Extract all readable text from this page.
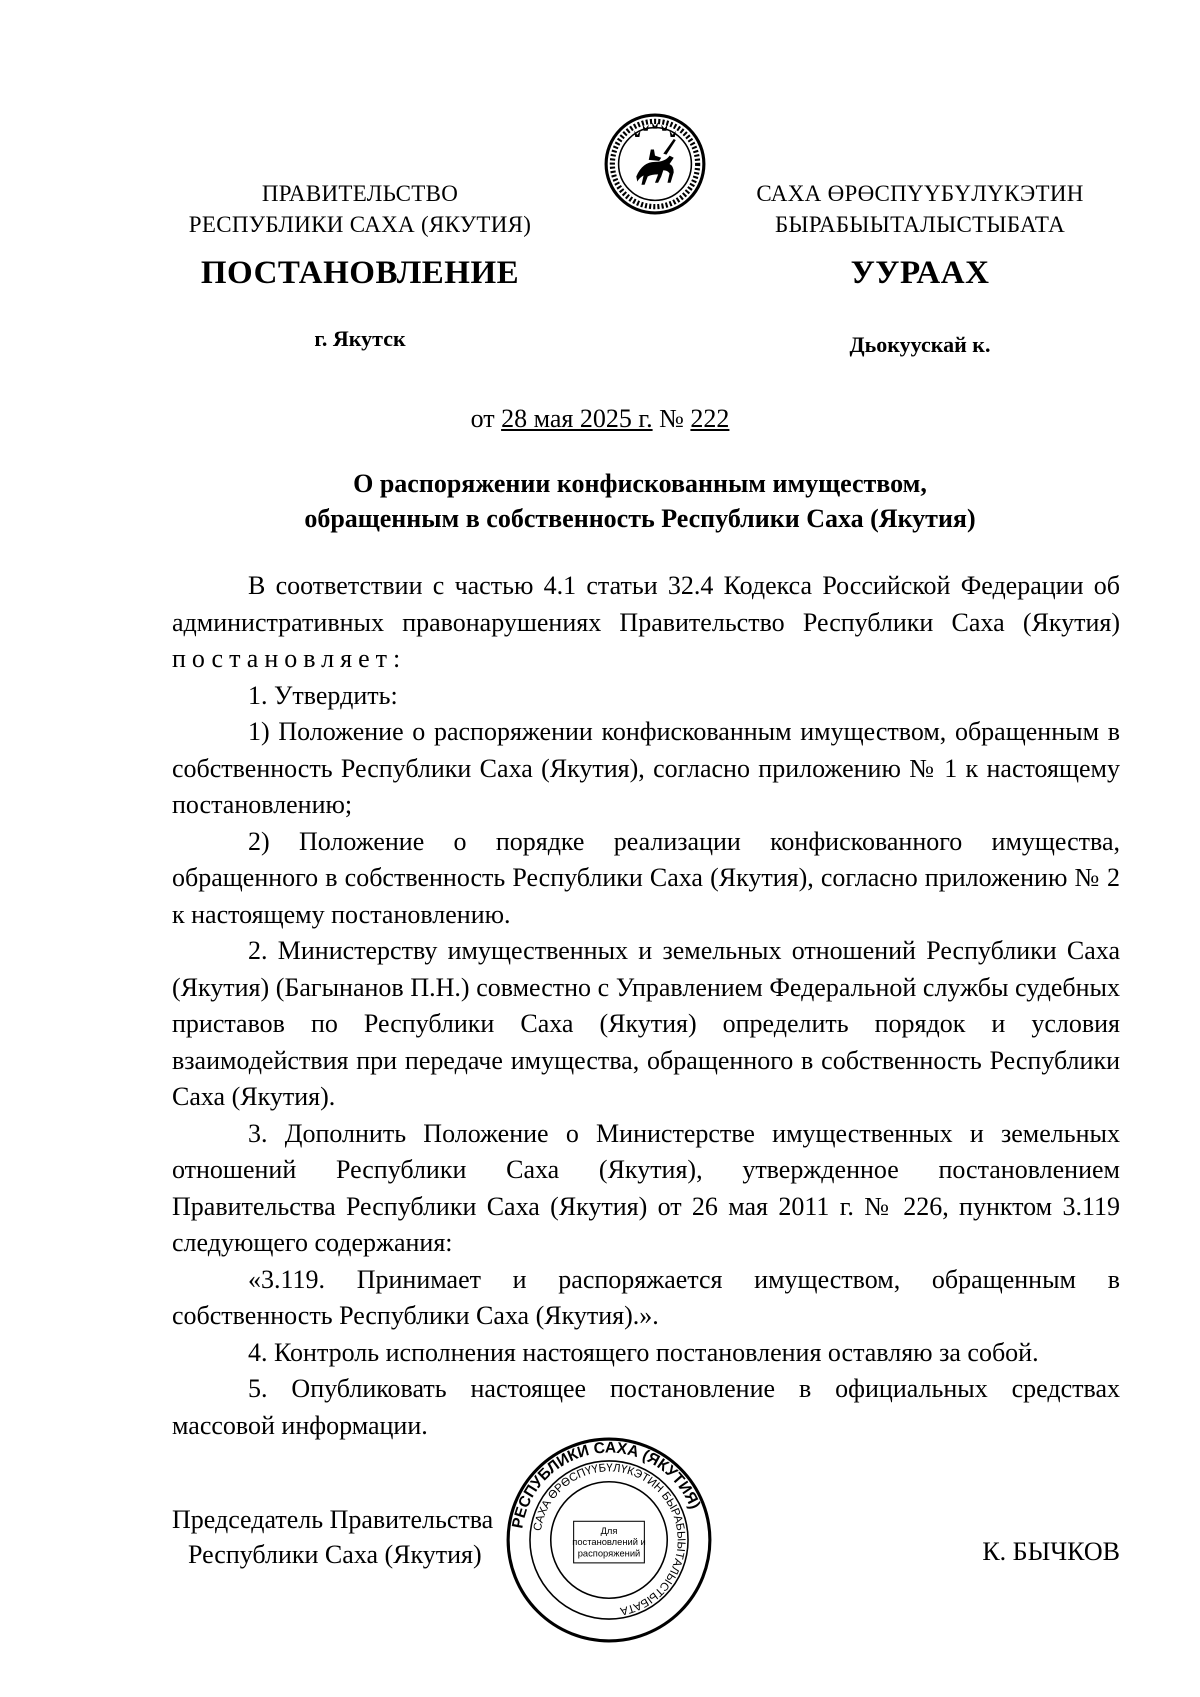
ПРАВИТЕЛЬСТВО
РЕСПУБЛИКИ САХА (ЯКУТИЯ)
САХА ӨРӨСПҮҮБҮЛҮКЭТИН
БЫРАБЫЫТАЛЫСТЫБАТА
ПОСТАНОВЛЕНИЕ	УУРААХ
г. Якутск	Дьокуускай к.
от 28 мая 2025 г. № 222
О распоряжении конфискованным имуществом,
обращенным в собственность Республики Саха (Якутия)

В соответствии с частью 4.1 статьи 32.4 Кодекса Российской Федерации об административных правонарушениях Правительство Республики Саха (Якутия) постановляет:

1. Утвердить:

1) Положение о распоряжении конфискованным имуществом, обращенным в собственность Республики Саха (Якутия), согласно приложению № 1 к настоящему постановлению;

2) Положение о порядке реализации конфискованного имущества, обращенного в собственность Республики Саха (Якутия), согласно приложению № 2 к настоящему постановлению.

2. Министерству имущественных и земельных отношений Республики Саха (Якутия) (Багынанов П.Н.) совместно с Управлением Федеральной службы судебных приставов по Республики Саха (Якутия) определить порядок и условия взаимодействия при передаче имущества, обращенного в собственность Республики Саха (Якутия).

3. Дополнить Положение о Министерстве имущественных и земельных отношений Республики Саха (Якутия), утвержденное постановлением Правительства Республики Саха (Якутия) от 26 мая 2011 г. № 226, пунктом 3.119 следующего содержания:

«3.119. Принимает и распоряжается имуществом, обращенным в собственность Республики Саха (Якутия).».

4. Контроль исполнения настоящего постановления оставляю за собой.

5. Опубликовать настоящее постановление в официальных средствах массовой информации.

Председатель Правительства
Республики Саха (Якутия)	К. БЫЧКОВ
РЕСПУБЛИКИ САХА (ЯКУТИЯ)
САХА ӨРӨСПҮҮБҮЛҮКЭТИН БЫРАБЫЫТАЛЫСТЫБАТА
Для
постановлений и
распоряжений
